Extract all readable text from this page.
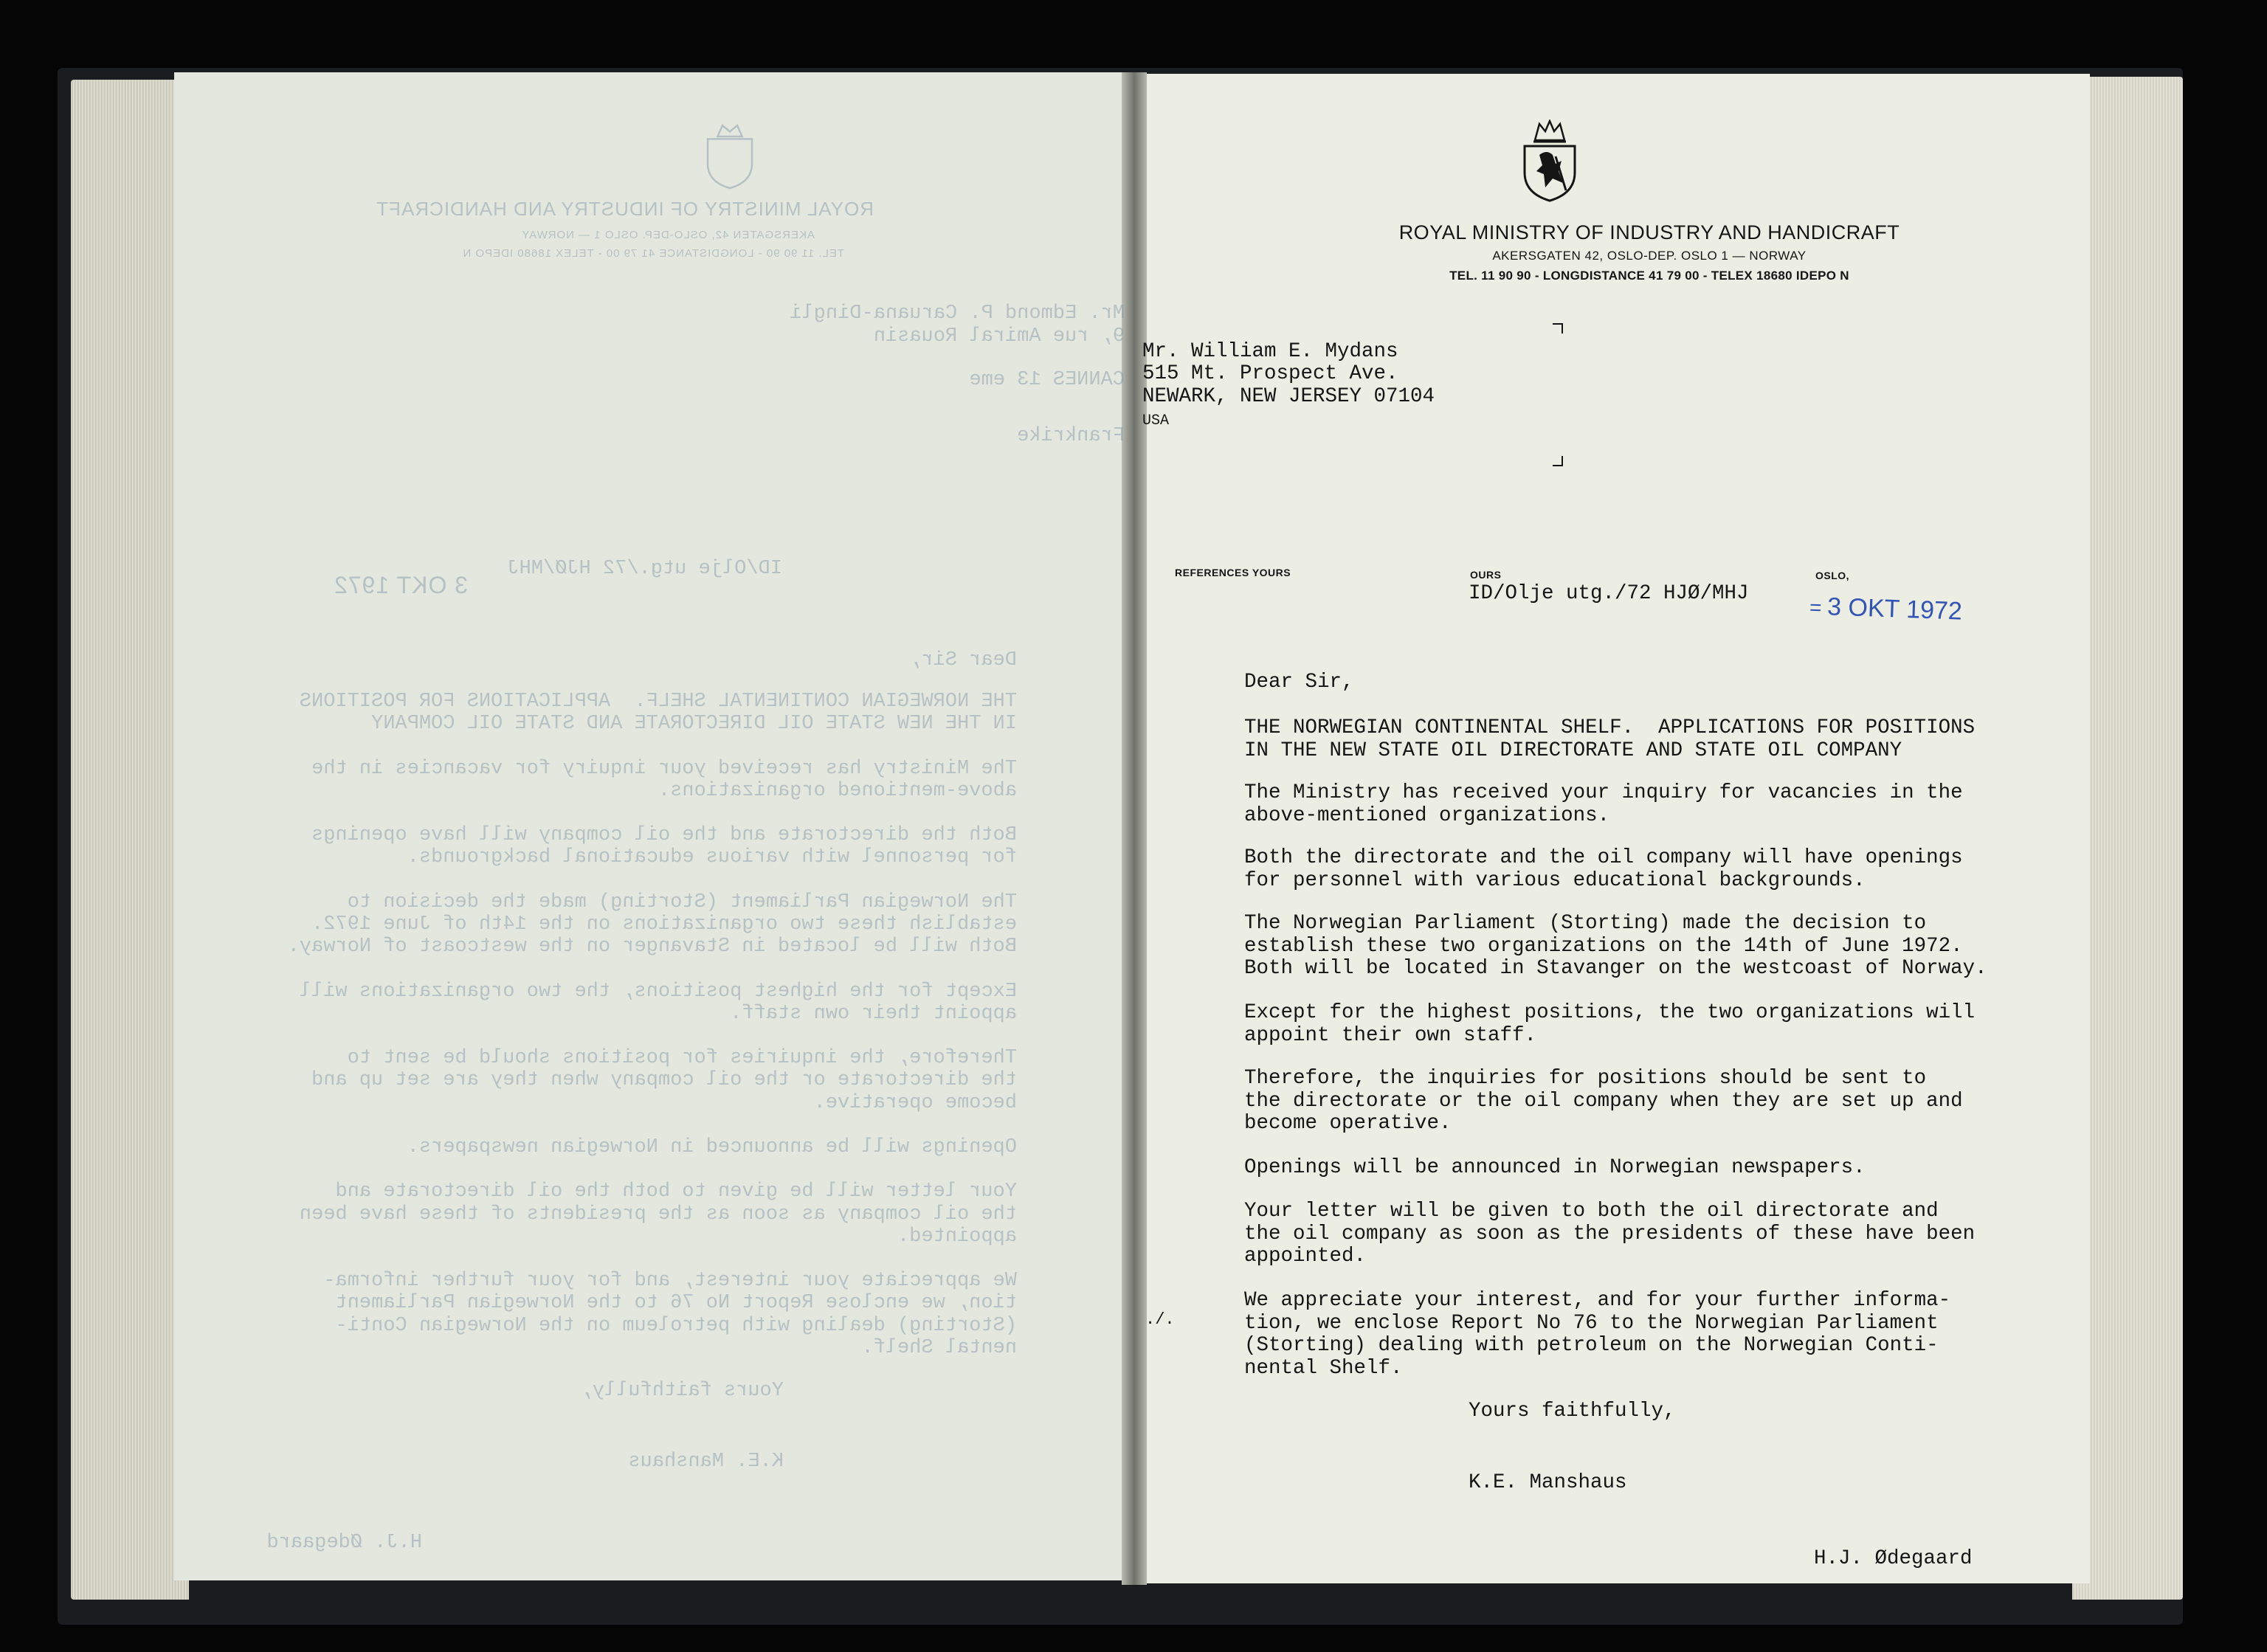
ROYAL MINISTRY OF INDUSTRY AND HANDICRAFT
AKERSGATEN 42, OSLO-DEP. OSLO 1 — NORWAY
TEL. 11 90 90 - LONGDISTANCE 41 79 00 - TELEX 18680 IDEPO N
Mr. Edmond P. Caruana-Dingli
9, rue Amiral Rouasin
CANNES 13 eme
Frankrike
ID/Olje utg./72 HJØ/MHJ
3 OKT 1972
Dear Sir,
THE NORWEGIAN CONTINENTAL SHELF.  APPLICATIONS FOR POSITIONS
IN THE NEW STATE OIL DIRECTORATE AND STATE OIL COMPANY
The Ministry has received your inquiry for vacancies in the
above-mentioned organizations.
Both the directorate and the oil company will have openings
for personnel with various educational backgrounds.
The Norwegian Parliament (Storting) made the decision to
establish these two organizations on the 14th of June 1972.
Both will be located in Stavanger on the westcoast of Norway.
Except for the highest positions, the two organizations will
appoint their own staff.
Therefore, the inquiries for positions should be sent to
the directorate or the oil company when they are set up and
become operative.
Openings will be announced in Norwegian newspapers.
Your letter will be given to both the oil directorate and
the oil company as soon as the presidents of these have been
appointed.
We appreciate your interest, and for your further informa-
tion, we enclose Report No 76 to the Norwegian Parliament
(Storting) dealing with petroleum on the Norwegian Conti-
nental Shelf.
Yours faithfully,
K.E. Manshaus
H.J. Ødegaard
ROYAL MINISTRY OF INDUSTRY AND HANDICRAFT
AKERSGATEN 42, OSLO-DEP. OSLO 1 — NORWAY
TEL. 11 90 90 - LONGDISTANCE 41 79 00 - TELEX 18680 IDEPO N
Mr. William E. Mydans
515 Mt. Prospect Ave.
NEWARK, NEW JERSEY 07104
USA
REFERENCES YOURS	OURS
ID/Olje utg./72 HJØ/MHJ
OSLO,
= 3 OKT 1972
Dear Sir,
THE NORWEGIAN CONTINENTAL SHELF.  APPLICATIONS FOR POSITIONS
IN THE NEW STATE OIL DIRECTORATE AND STATE OIL COMPANY
The Ministry has received your inquiry for vacancies in the
above-mentioned organizations.
Both the directorate and the oil company will have openings
for personnel with various educational backgrounds.
The Norwegian Parliament (Storting) made the decision to
establish these two organizations on the 14th of June 1972.
Both will be located in Stavanger on the westcoast of Norway.
Except for the highest positions, the two organizations will
appoint their own staff.
Therefore, the inquiries for positions should be sent to
the directorate or the oil company when they are set up and
become operative.
Openings will be announced in Norwegian newspapers.
Your letter will be given to both the oil directorate and
the oil company as soon as the presidents of these have been
appointed.
We appreciate your interest, and for your further informa-
tion, we enclose Report No 76 to the Norwegian Parliament
(Storting) dealing with petroleum on the Norwegian Conti-
nental Shelf.
./.
Yours faithfully,
K.E. Manshaus
H.J. Ødegaard
